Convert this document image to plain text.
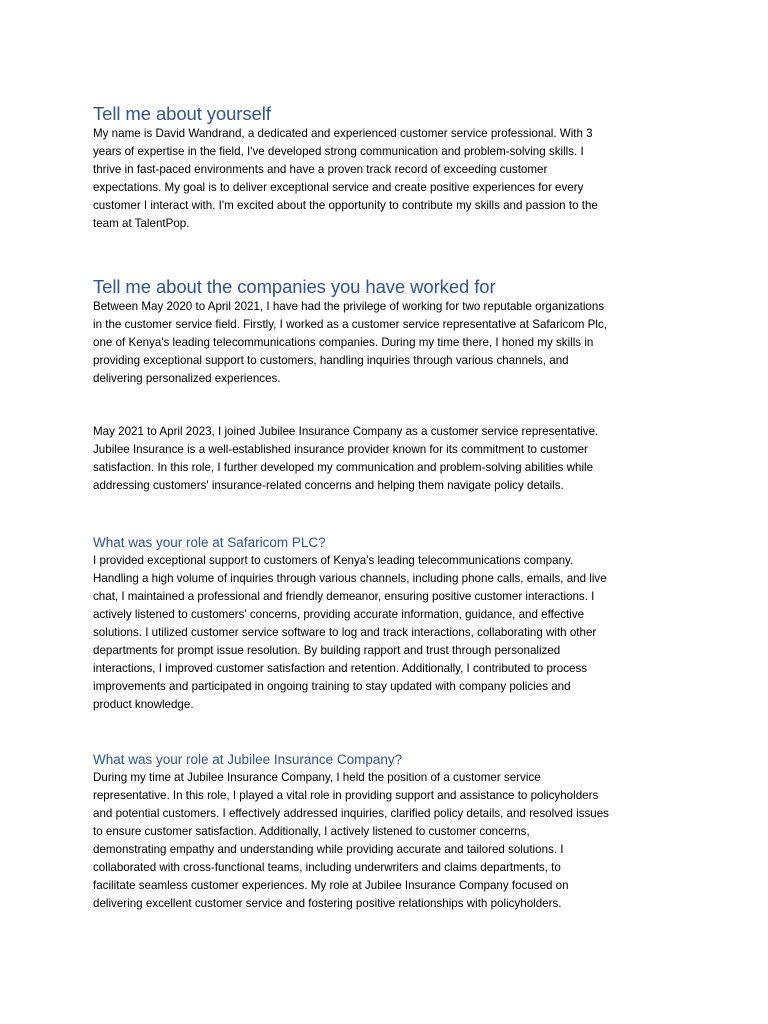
Tell me about yourself

My name is David Wandrand, a dedicated and experienced customer service professional. With 3
years of expertise in the field, I've developed strong communication and problem-solving skills. I
thrive in fast-paced environments and have a proven track record of exceeding customer
expectations. My goal is to deliver exceptional service and create positive experiences for every
customer I interact with. I'm excited about the opportunity to contribute my skills and passion to the
team at TalentPop.

Tell me about the companies you have worked for

Between May 2020 to April 2021, I have had the privilege of working for two reputable organizations
in the customer service field. Firstly, I worked as a customer service representative at Safaricom Plc,
one of Kenya's leading telecommunications companies. During my time there, I honed my skills in
providing exceptional support to customers, handling inquiries through various channels, and
delivering personalized experiences.

May 2021 to April 2023, I joined Jubilee Insurance Company as a customer service representative.
Jubilee Insurance is a well-established insurance provider known for its commitment to customer
satisfaction. In this role, I further developed my communication and problem-solving abilities while
addressing customers' insurance-related concerns and helping them navigate policy details.

What was your role at Safaricom PLC?

I provided exceptional support to customers of Kenya's leading telecommunications company.
Handling a high volume of inquiries through various channels, including phone calls, emails, and live
chat, I maintained a professional and friendly demeanor, ensuring positive customer interactions. I
actively listened to customers' concerns, providing accurate information, guidance, and effective
solutions. I utilized customer service software to log and track interactions, collaborating with other
departments for prompt issue resolution. By building rapport and trust through personalized
interactions, I improved customer satisfaction and retention. Additionally, I contributed to process
improvements and participated in ongoing training to stay updated with company policies and
product knowledge.

What was your role at Jubilee Insurance Company?

During my time at Jubilee Insurance Company, I held the position of a customer service
representative. In this role, I played a vital role in providing support and assistance to policyholders
and potential customers. I effectively addressed inquiries, clarified policy details, and resolved issues
to ensure customer satisfaction. Additionally, I actively listened to customer concerns,
demonstrating empathy and understanding while providing accurate and tailored solutions. I
collaborated with cross-functional teams, including underwriters and claims departments, to
facilitate seamless customer experiences. My role at Jubilee Insurance Company focused on
delivering excellent customer service and fostering positive relationships with policyholders.
